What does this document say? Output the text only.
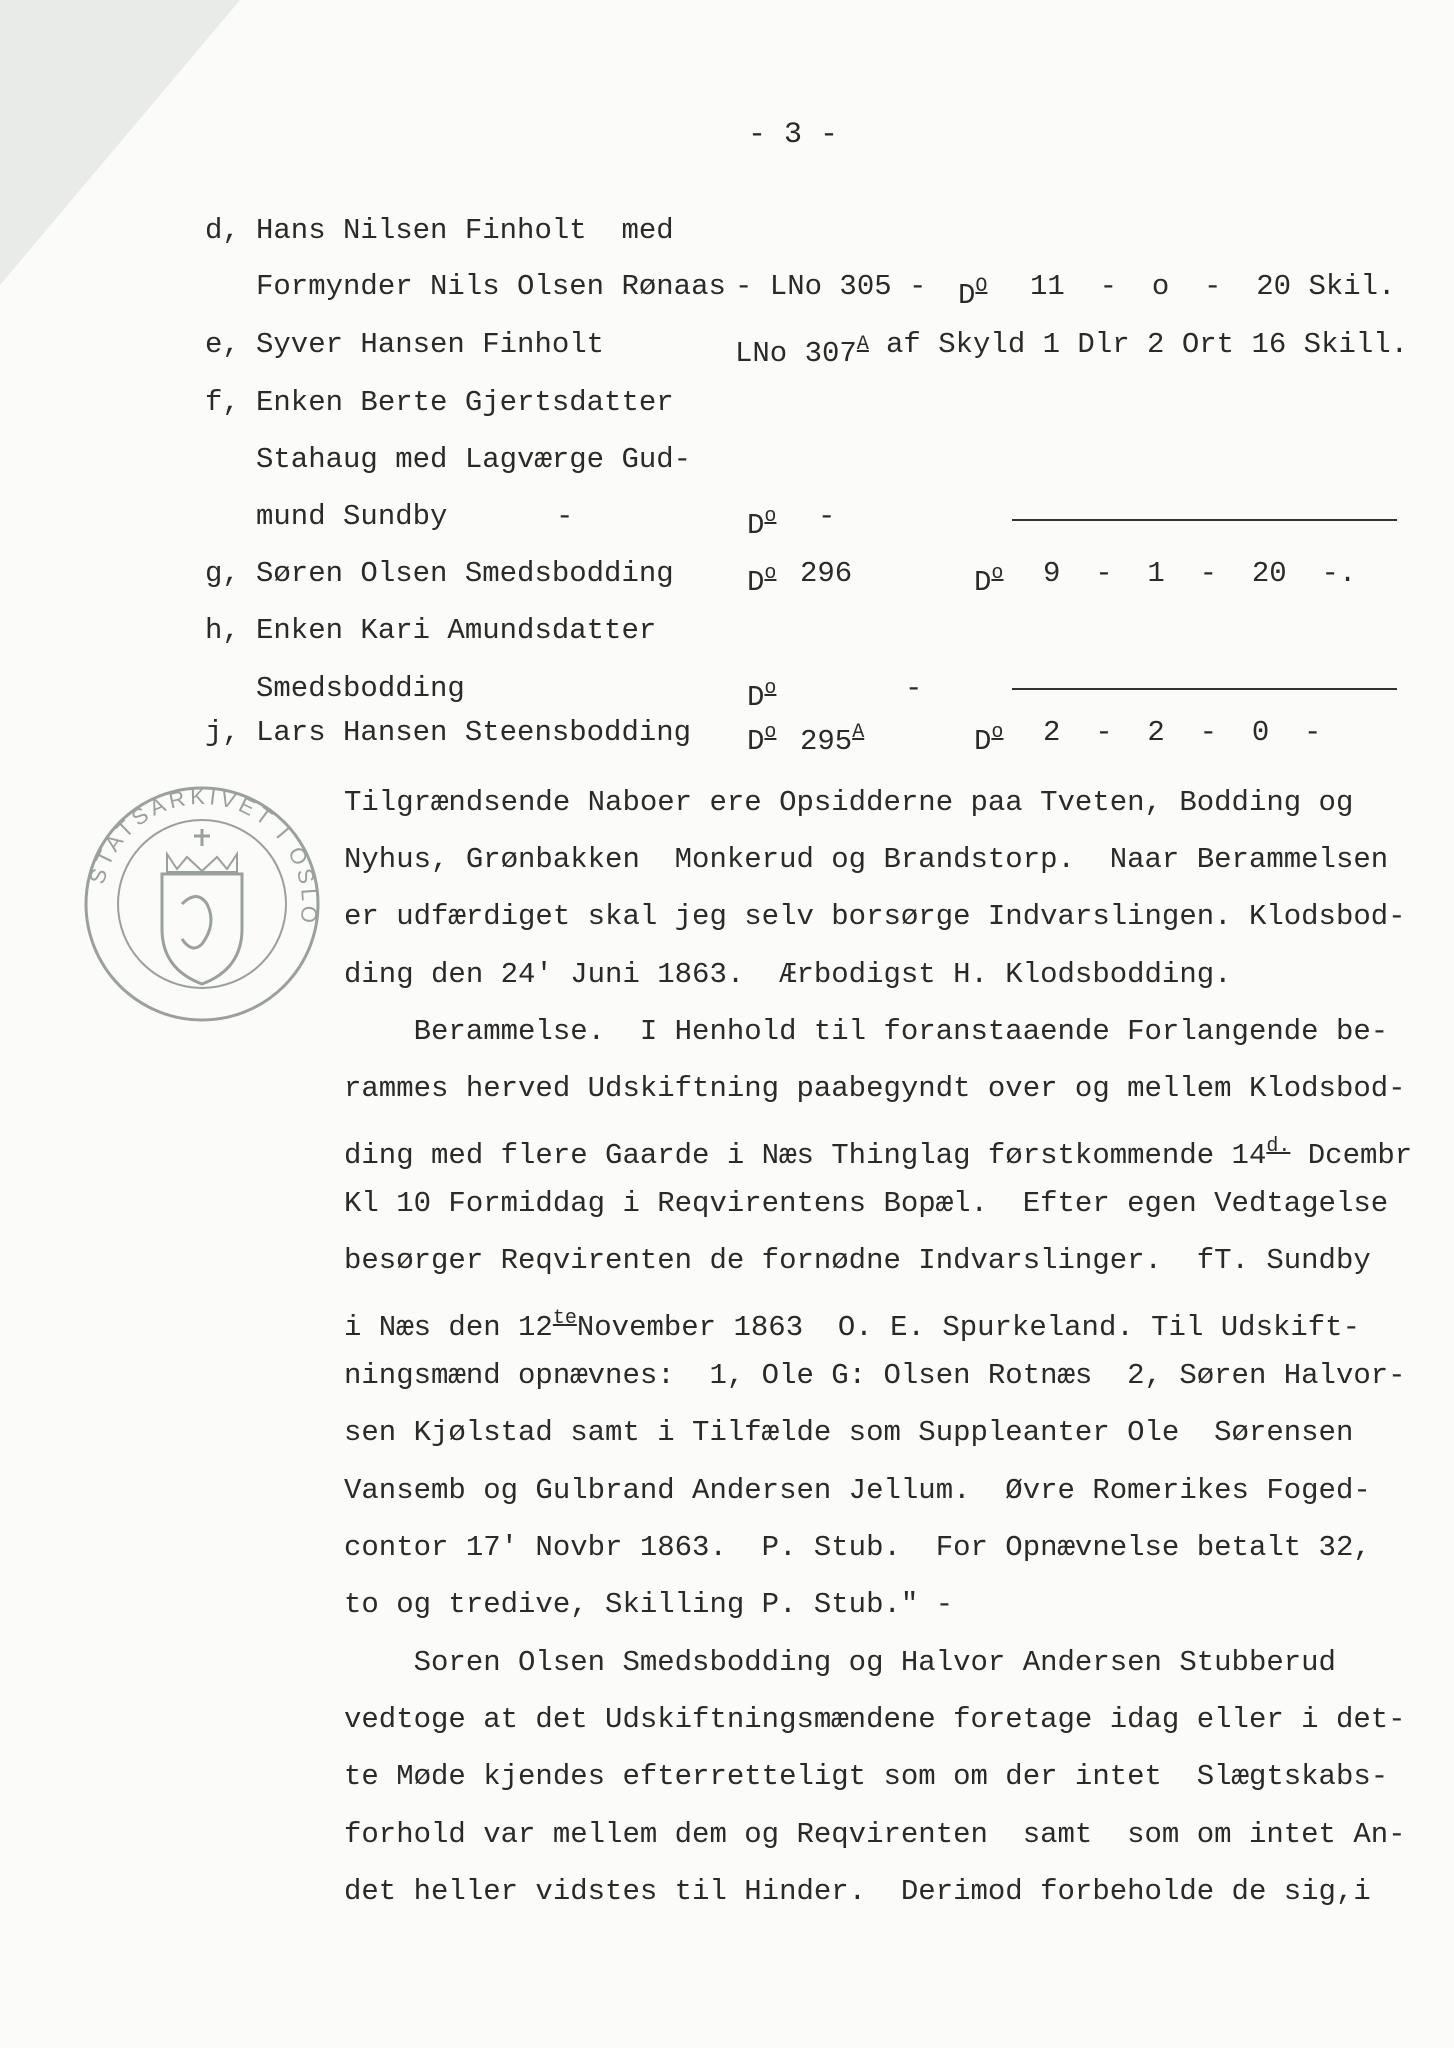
- 3 -
d, Hans Nilsen Finholt  med
Formynder Nils Olsen Rønaas - LNo $305 - D^O$ 11  -  o  -  20 Skil.
e, Syver Hansen Finholt	LNo $307^A$ af Skyld 1 Dlr 2 Ort 16 Skill.
f, Enken Berte Gjertsdatter
Stahaug med Lagværge Gud-
mund Sundby	-	$D^o$ -
g, Søren Olsen Smedsbodding	$D^o$ 296	$D^o$ 9  -  1  -  20  -.
h, Enken Kari Amundsdatter
Smedsbodding	$D^o$	-
j, Lars Hansen Steensbodding $D^o$ $295^A$	$D^o$ 2  -  2  -  0  -
STATSARKIVET I OSLO
Tilgrændsende Naboer ere Opsidderne paa Tveten, Bodding og
Nyhus, Grønbakken  Monkerud og Brandstorp.  Naar Berammelsen
er udfærdiget skal jeg selv borsørge Indvarslingen. Klodsbod-
ding den 24' Juni 1863.  Ærbodigst H. Klodsbodding.
Berammelse.  I Henhold til foranstaaende Forlangende be-
rammes herved Udskiftning paabegyndt over og mellem Klodsbod-
ding med flere Gaarde i Næs Thinglag førstkommende $14^{d.}$ Dcembr
Kl 10 Formiddag i Reqvirentens Bopæl.  Efter egen Vedtagelse
besørger Reqvirenten de fornødne Indvarslinger.  fT. Sundby
i Næs den $12^{te}November$ 1863  O. E. Spurkeland. Til Udskift-
ningsmænd opnævnes:  1, Ole G: Olsen Rotnæs  2, Søren Halvor-
sen Kjølstad samt i Tilfælde som Suppleanter Ole  Sørensen
Vansemb og Gulbrand Andersen Jellum.  Øvre Romerikes Foged-
contor 17' Novbr 1863.  P. Stub.  For Opnævnelse betalt 32,
to og tredive, Skilling P. Stub." -
Soren Olsen Smedsbodding og Halvor Andersen Stubberud
vedtoge at det Udskiftningsmændene foretage idag eller i det-
te Møde kjendes efterretteligt som om der intet  Slægtskabs-
forhold var mellem dem og Reqvirenten  samt  som om intet An-
det heller vidstes til Hinder.  Derimod forbeholde de sig,i
